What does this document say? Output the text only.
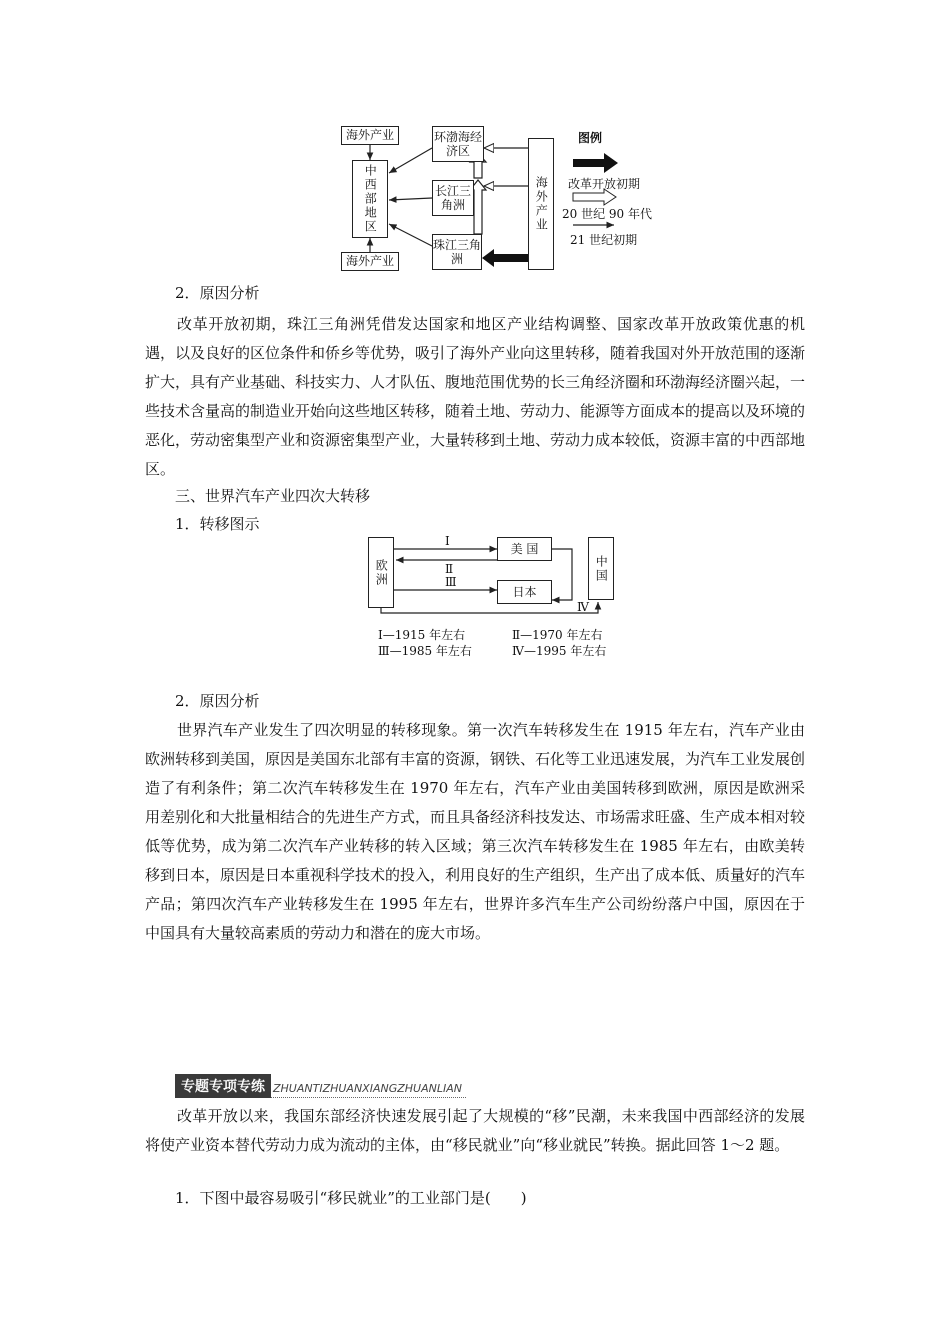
海外产业
中西部地区
海外产业
环渤海经济区
长江三角洲
珠江三角洲
海外产业
图例
改革开放初期
20 世纪 90 年代
21 世纪初期
2．原因分析
改革开放初期，珠江三角洲凭借发达国家和地区产业结构调整、国家改革开放政策优惠的机遇，以及良好的区位条件和侨乡等优势，吸引了海外产业向这里转移，随着我国对外开放范围的逐渐扩大，具有产业基础、科技实力、人才队伍、腹地范围优势的长三角经济圈和环渤海经济圈兴起，一些技术含量高的制造业开始向这些地区转移，随着土地、劳动力、能源等方面成本的提高以及环境的恶化，劳动密集型产业和资源密集型产业，大量转移到土地、劳动力成本较低，资源丰富的中西部地区。
三、世界汽车产业四次大转移
1．转移图示
欧洲
美 国
日本
中国
Ⅰ
Ⅱ
Ⅲ
Ⅳ
Ⅰ—1915 年左右	Ⅱ—1970 年左右
Ⅲ—1985 年左右	Ⅳ—1995 年左右
2．原因分析
世界汽车产业发生了四次明显的转移现象。第一次汽车转移发生在 1915 年左右，汽车产业由欧洲转移到美国，原因是美国东北部有丰富的资源，钢铁、石化等工业迅速发展，为汽车工业发展创造了有利条件；第二次汽车转移发生在 1970 年左右，汽车产业由美国转移到欧洲，原因是欧洲采用差别化和大批量相结合的先进生产方式，而且具备经济科技发达、市场需求旺盛、生产成本相对较低等优势，成为第二次汽车产业转移的转入区域；第三次汽车转移发生在 1985 年左右，由欧美转移到日本，原因是日本重视科学技术的投入，利用良好的生产组织，生产出了成本低、质量好的汽车产品；第四次汽车产业转移发生在 1995 年左右，世界许多汽车生产公司纷纷落户中国，原因在于中国具有大量较高素质的劳动力和潜在的庞大市场。
专题专项专练 ZHUANTIZHUANXIANGZHUANLIAN
改革开放以来，我国东部经济快速发展引起了大规模的“移”民潮，未来我国中西部经济的发展将使产业资本替代劳动力成为流动的主体，由“移民就业”向“移业就民”转换。据此回答 1～2 题。
1．下图中最容易吸引“移民就业”的工业部门是(　　)
